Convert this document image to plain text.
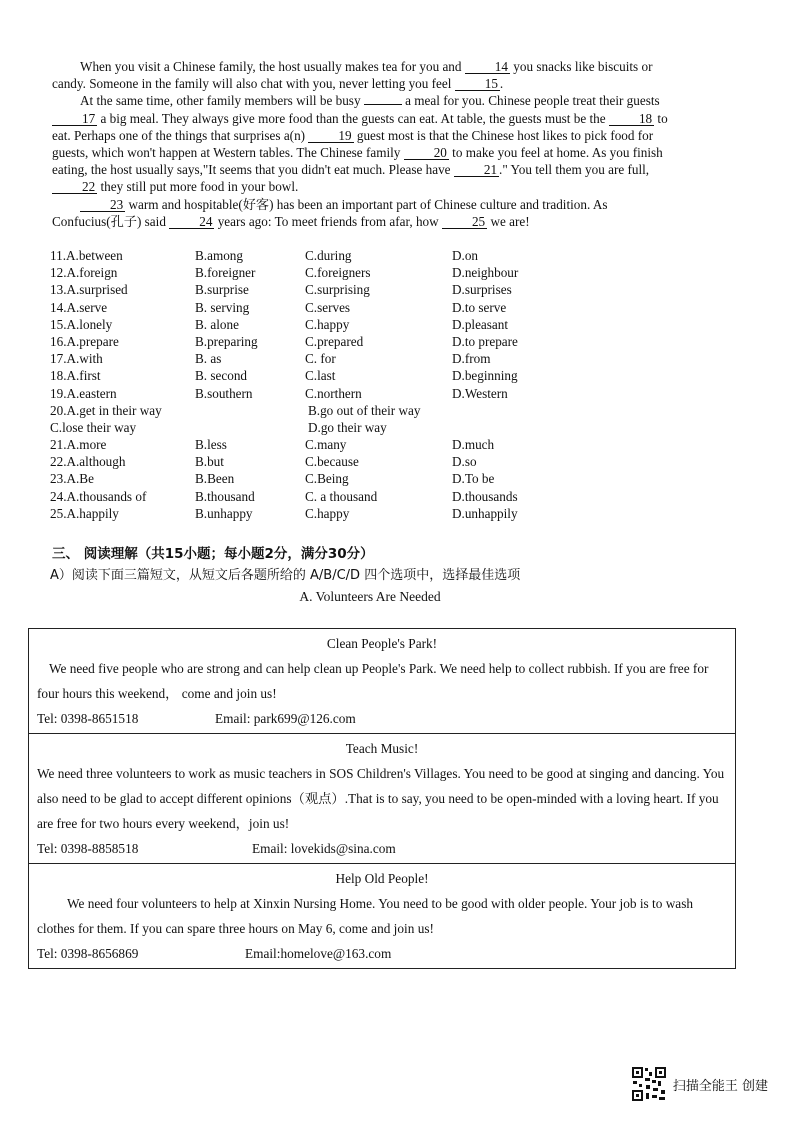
When you visit a Chinese family, the host usually makes tea for you and 14 you snacks like biscuits or candy. Someone in the family will also chat with you, never letting you feel 15 .

At the same time, other family members will be busy	a meal for you. Chinese people treat their guests 17 a big meal. They always give more food than the guests can eat. At table, the guests must be the 18 to eat. Perhaps one of the things that surprises a(n) 19 guest most is that the Chinese host likes to pick food for guests, which won't happen at Western tables. The Chinese family 20 to make you feel at home. As you finish eating, the host usually says,"It seems that you didn't eat much. Please have 21 ." You tell them you are full, 22 they still put more food in your bowl.

23 warm and hospitable(好客) has been an important part of Chinese culture and tradition. As Confucius(孔子) said 24 years ago: To meet friends from afar, how 25 we are!

11.A.between	B.among	C.during	D.on
12.A.foreign	B.foreigner	C.foreigners	D.neighbour
13.A.surprised	B.surprise	C.surprising	D.surprises
14.A.serve	B. serving	C.serves	D.to serve
15.A.lonely	B. alone	C.happy	D.pleasant
16.A.prepare	B.preparing	C.prepared	D.to prepare
17.A.with	B. as	C. for	D.from
18.A.first	B. second	C.last	D.beginning
19.A.eastern	B.southern	C.northern	D.Western
20.A.get in their way	B.go out of their way
C.lose their way	D.go their way
21.A.more	B.less	C.many	D.much
22.A.although	B.but	C.because	D.so
23.A.Be	B.Been	C.Being	D.To be
24.A.thousands of	B.thousand	C. a thousand	D.thousands
25.A.happily	B.unhappy	C.happy	D.unhappily
三、 阅读理解（共15小题；每小题2分，满分30分）
A）阅读下面三篇短文，从短文后各题所给的 A/B/C/D 四个选项中，选择最佳选项
A. Volunteers Are Needed
Clean People's Park!

We need five people who are strong and can help clean up People's Park. We need help to collect rubbish. If you are free for four hours this weekend， come and join us!

Tel: 0398-8651518	Email: park699@126.com
Teach Music!

We need three volunteers to work as music teachers in SOS Children's Villages. You need to be good at singing and dancing. You also need to be glad to accept different opinions（观点）.That is to say, you need to be open-minded with a loving heart. If you are free for two hours every weekend，join us!

Tel: 0398-8858518	Email: lovekids@sina.com
Help Old People!

We need four volunteers to help at Xinxin Nursing Home. You need to be good with older people. Your job is to wash clothes for them. If you can spare three hours on May 6, come and join us!

Tel: 0398-8656869	Email:homelove@163.com
扫描全能王 创建
